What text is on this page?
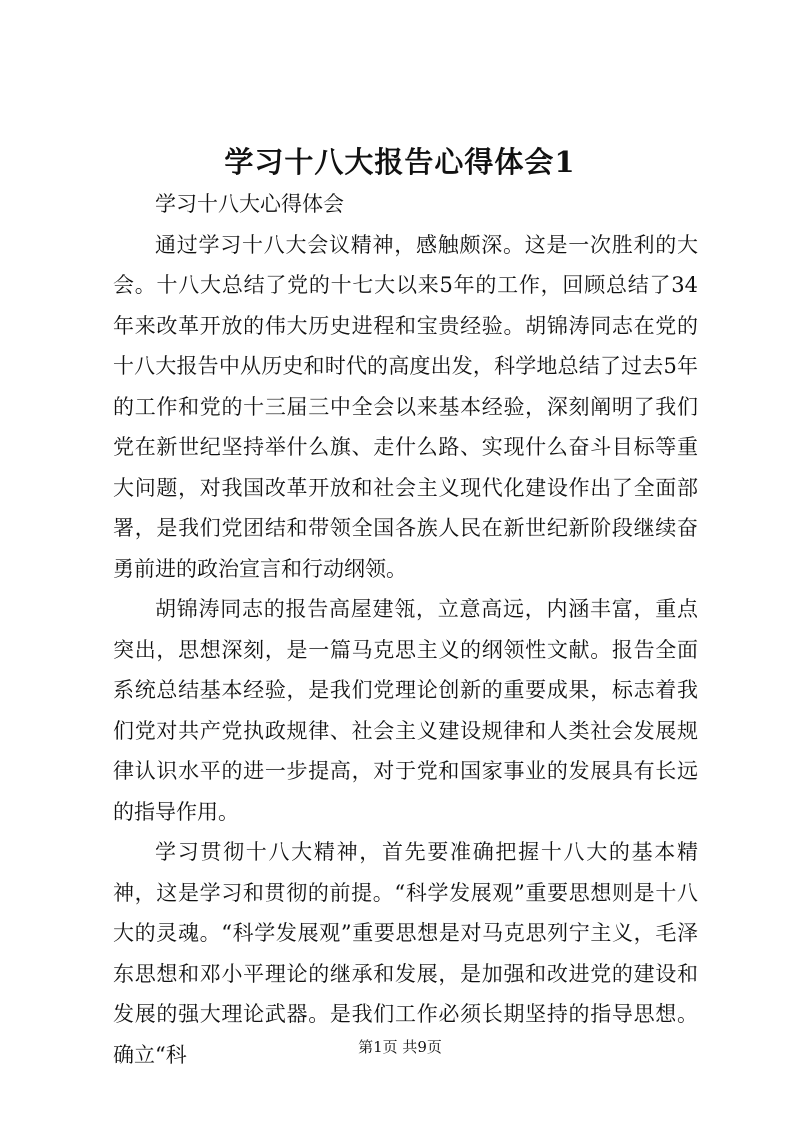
学习十八大报告心得体会1

学习十八大心得体会

通过学习十八大会议精神，感触颇深。这是一次胜利的大会。十八大总结了党的十七大以来5年的工作，回顾总结了34年来改革开放的伟大历史进程和宝贵经验。胡锦涛同志在党的十八大报告中从历史和时代的高度出发，科学地总结了过去5年的工作和党的十三届三中全会以来基本经验，深刻阐明了我们党在新世纪坚持举什么旗、走什么路、实现什么奋斗目标等重大问题，对我国改革开放和社会主义现代化建设作出了全面部署，是我们党团结和带领全国各族人民在新世纪新阶段继续奋勇前进的政治宣言和行动纲领。

胡锦涛同志的报告高屋建瓴，立意高远，内涵丰富，重点突出，思想深刻，是一篇马克思主义的纲领性文献。报告全面系统总结基本经验，是我们党理论创新的重要成果，标志着我们党对共产党执政规律、社会主义建设规律和人类社会发展规律认识水平的进一步提高，对于党和国家事业的发展具有长远的指导作用。

学习贯彻十八大精神，首先要准确把握十八大的基本精神，这是学习和贯彻的前提。“科学发展观”重要思想则是十八大的灵魂。“科学发展观”重要思想是对马克思列宁主义，毛泽东思想和邓小平理论的继承和发展，是加强和改进党的建设和发展的强大理论武器。是我们工作必须长期坚持的指导思想。确立“科	第1页 共9页
